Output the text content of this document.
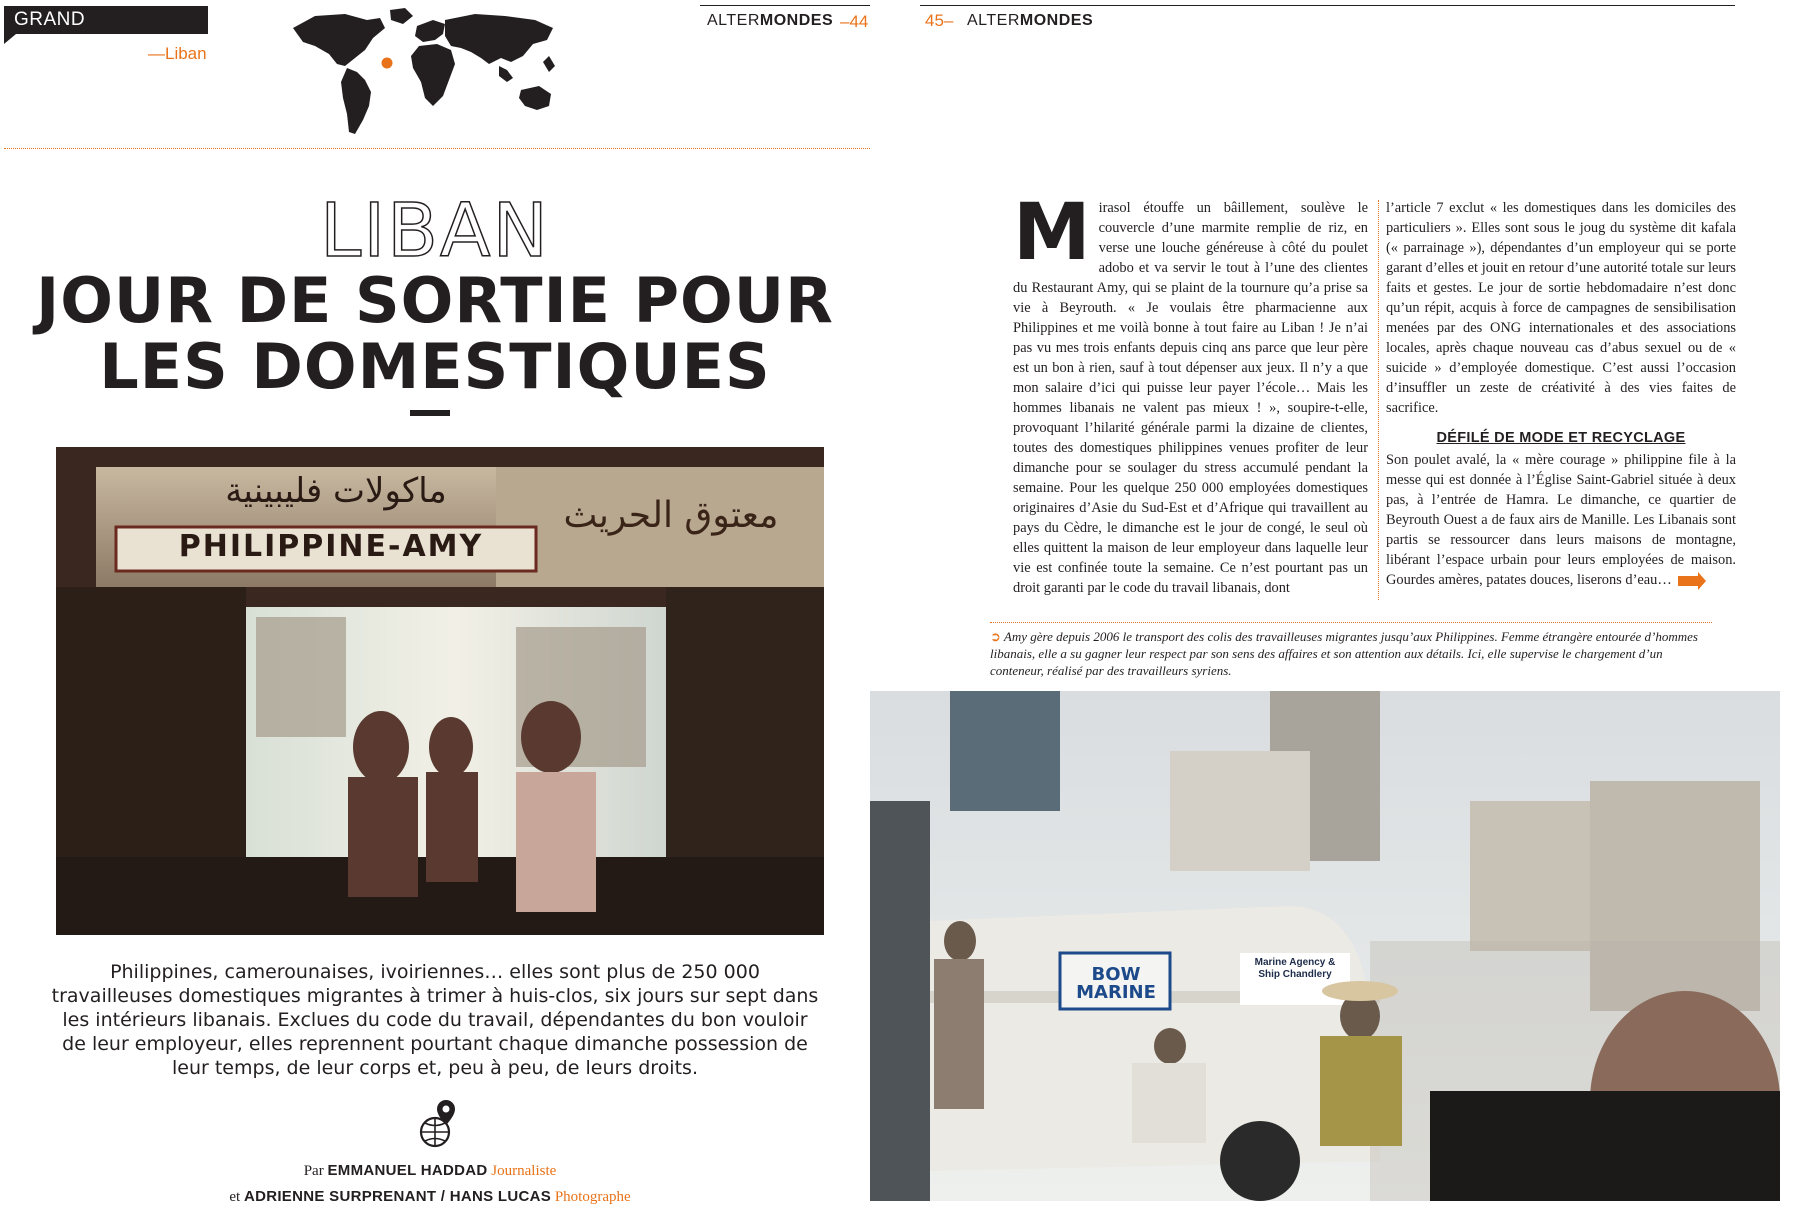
GRAND REPORTAGE —Liban
ALTERMONDES –44
LIBAN
JOUR DE SORTIE POUR
LES DOMESTIQUES
PHILIPPINE-AMY
ماكولات فليبينية
معتوق الحريث
Philippines, camerounaises, ivoiriennes… elles sont plus de 250 000 travailleuses domestiques migrantes à trimer à huis-clos, six jours sur sept dans les intérieurs libanais. Exclues du code du travail, dépendantes du bon vouloir de leur employeur, elles reprennent pourtant chaque dimanche possession de leur temps, de leur corps et, peu à peu, de leurs droits.
Par EMMANUEL HADDAD Journaliste
et ADRIENNE SURPRENANT / HANS LUCAS Photographe
45– ALTERMONDES
Mirasol étouffe un bâillement, soulève le couvercle d’une marmite remplie de riz, en verse une louche généreuse à côté du poulet adobo et va servir le tout à l’une des clientes du Restaurant Amy, qui se plaint de la tournure qu’a prise sa vie à Beyrouth. « Je voulais être pharmacienne aux Philippines et me voilà bonne à tout faire au Liban ! Je n’ai pas vu mes trois enfants depuis cinq ans parce que leur père est un bon à rien, sauf à tout dépenser aux jeux. Il n’y a que mon salaire d’ici qui puisse leur payer l’école… Mais les hommes libanais ne valent pas mieux ! », soupire-t-elle, provoquant l’hilarité générale parmi la dizaine de clientes, toutes des domestiques philippines venues profiter de leur dimanche pour se soulager du stress accumulé pendant la semaine. Pour les quelque 250 000 employées domestiques originaires d’Asie du Sud-Est et d’Afrique qui travaillent au pays du Cèdre, le dimanche est le jour de congé, le seul où elles quittent la maison de leur employeur dans laquelle leur vie est confinée toute la semaine. Ce n’est pourtant pas un droit garanti par le code du travail libanais, dont
l’article 7 exclut « les domestiques dans les domiciles des particuliers ». Elles sont sous le joug du système dit kafala (« parrainage »), dépendantes d’un employeur qui se porte garant d’elles et jouit en retour d’une autorité totale sur leurs faits et gestes. Le jour de sortie hebdomadaire n’est donc qu’un répit, acquis à force de campagnes de sensibilisation menées par des ONG internationales et des associations locales, après chaque nouveau cas d’abus sexuel ou de « suicide » d’employée domestique. C’est aussi l’occasion d’insuffler un zeste de créativité à des vies faites de sacrifice.
DÉFILÉ DE MODE ET RECYCLAGE
Son poulet avalé, la « mère courage » philippine file à la messe qui est donnée à l’Église Saint-Gabriel située à deux pas, à l’entrée de Hamra. Le dimanche, ce quartier de Beyrouth Ouest a de faux airs de Manille. Les Libanais sont partis se ressourcer dans leurs maisons de montagne, libérant l’espace urbain pour leurs employées de maison. Gourdes amères, patates douces, liserons d’eau…
➲ Amy gère depuis 2006 le transport des colis des travailleuses migrantes jusqu’aux Philippines. Femme étrangère entourée d’hommes libanais, elle a su gagner leur respect par son sens des affaires et son attention aux détails. Ici, elle supervise le chargement d’un conteneur, réalisé par des travailleurs syriens.
BOW MARINE
Marine Agency & Ship Chandlery
